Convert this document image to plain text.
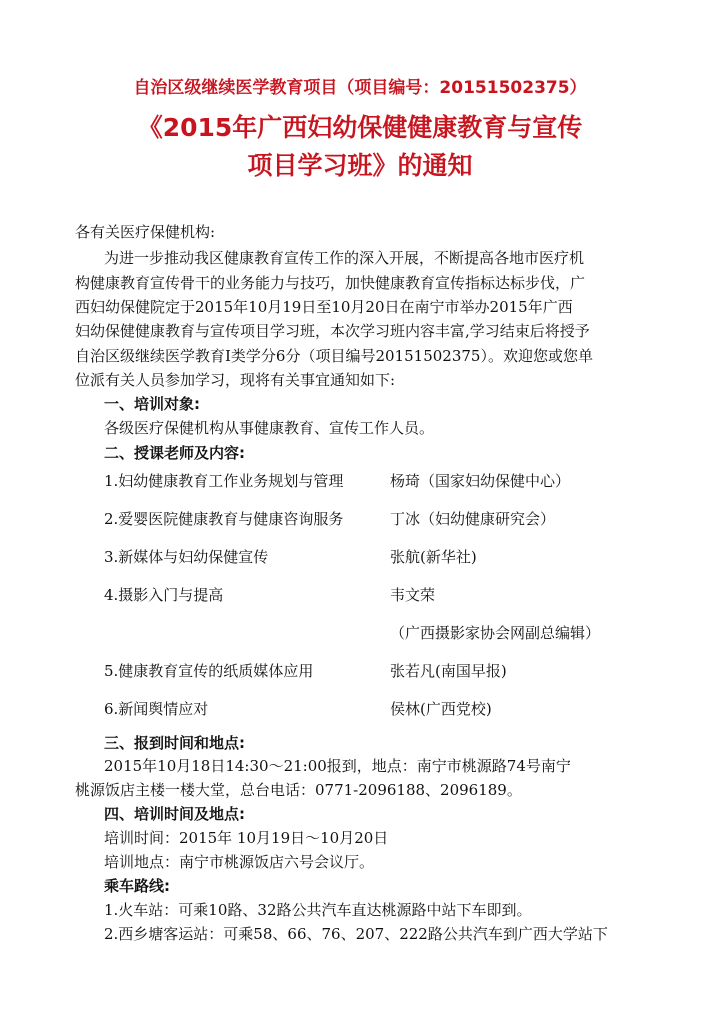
自治区级继续医学教育项目（项目编号：20151502375）
《2015年广西妇幼保健健康教育与宣传
项目学习班》的通知
各有关医疗保健机构:
为进一步推动我区健康教育宣传工作的深入开展，不断提高各地市医疗机
构健康教育宣传骨干的业务能力与技巧，加快健康教育宣传指标达标步伐，广
西妇幼保健院定于2015年10月19日至10月20日在南宁市举办2015年广西
妇幼保健健康教育与宣传项目学习班，本次学习班内容丰富,学习结束后将授予
自治区级继续医学教育Ⅰ类学分6分（项目编号20151502375）。欢迎您或您单
位派有关人员参加学习，现将有关事宜通知如下:
一、培训对象:
各级医疗保健机构从事健康教育、宣传工作人员。
二、授课老师及内容:
1.妇幼健康教育工作业务规划与管理	杨琦（国家妇幼保健中心）
2.爱婴医院健康教育与健康咨询服务	丁冰（妇幼健康研究会）
3.新媒体与妇幼保健宣传	张航(新华社)
4.摄影入门与提高	韦文荣
（广西摄影家协会网副总编辑）
5.健康教育宣传的纸质媒体应用	张若凡(南国早报)
6.新闻舆情应对	侯林(广西党校)
三、报到时间和地点:
2015年10月18日14:30～21:00报到，地点：南宁市桃源路74号南宁
桃源饭店主楼一楼大堂，总台电话：0771-2096188、2096189。
四、培训时间及地点:
培训时间：2015年 10月19日～10月20日
培训地点：南宁市桃源饭店六号会议厅。
乘车路线:
1.火车站：可乘10路、32路公共汽车直达桃源路中站下车即到。
2.西乡塘客运站：可乘58、66、76、207、222路公共汽车到广西大学站下
